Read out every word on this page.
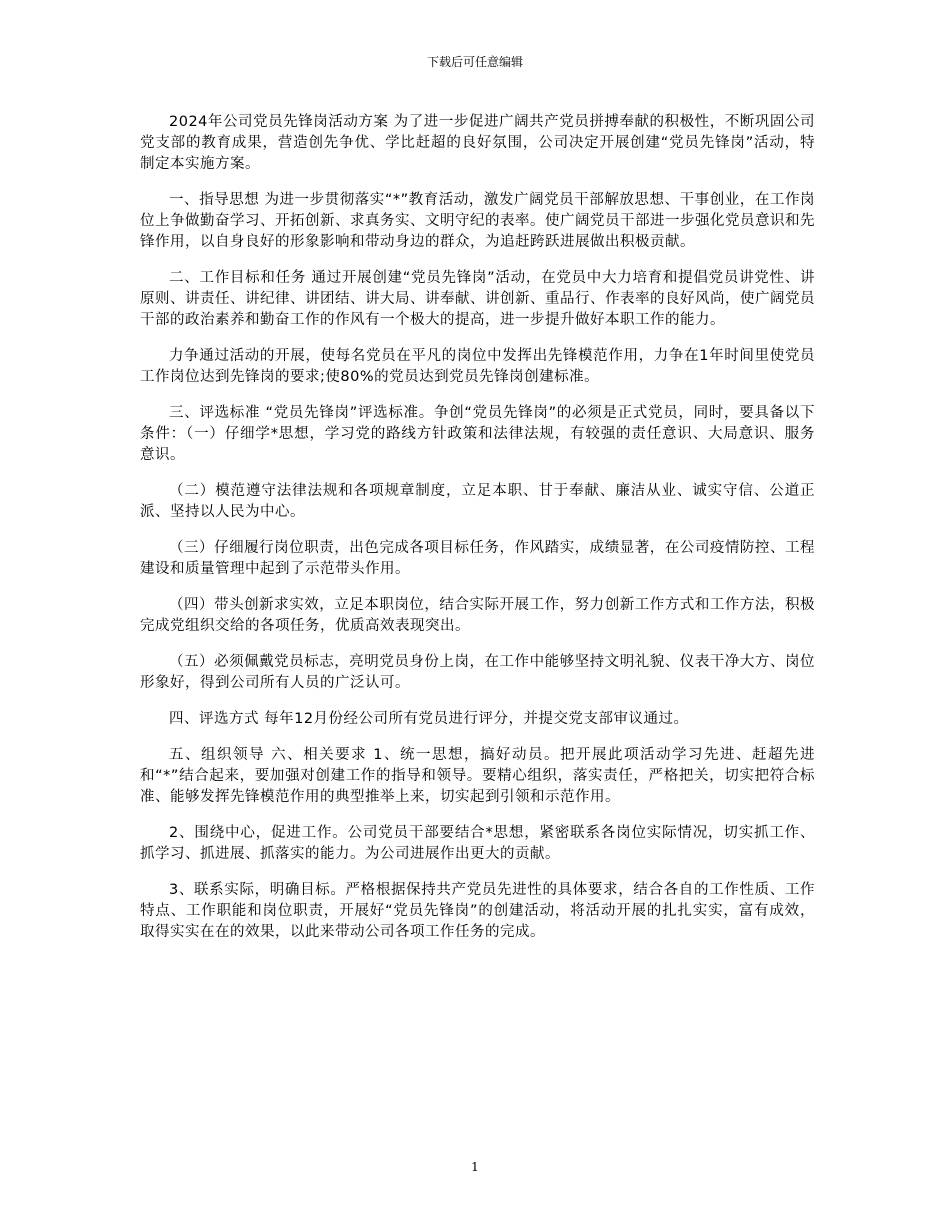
下载后可任意编辑

2024年公司党员先锋岗活动方案 为了进一步促进广阔共产党员拼搏奉献的积极性，不断巩固公司党支部的教育成果，营造创先争优、学比赶超的良好氛围，公司决定开展创建“党员先锋岗”活动，特制定本实施方案。

一、指导思想 为进一步贯彻落实“*”教育活动，激发广阔党员干部解放思想、干事创业，在工作岗位上争做勤奋学习、开拓创新、求真务实、文明守纪的表率。使广阔党员干部进一步强化党员意识和先锋作用，以自身良好的形象影响和带动身边的群众，为追赶跨跃进展做出积极贡献。

二、工作目标和任务 通过开展创建“党员先锋岗”活动，在党员中大力培育和提倡党员讲党性、讲原则、讲责任、讲纪律、讲团结、讲大局、讲奉献、讲创新、重品行、作表率的良好风尚，使广阔党员干部的政治素养和勤奋工作的作风有一个极大的提高，进一步提升做好本职工作的能力。

力争通过活动的开展，使每名党员在平凡的岗位中发挥出先锋模范作用，力争在1年时间里使党员工作岗位达到先锋岗的要求;使80%的党员达到党员先锋岗创建标准。

三、评选标准 “党员先锋岗”评选标准。争创“党员先锋岗”的必须是正式党员，同时，要具备以下条件：（一）仔细学*思想，学习党的路线方针政策和法律法规，有较强的责任意识、大局意识、服务意识。

（二）模范遵守法律法规和各项规章制度，立足本职、甘于奉献、廉洁从业、诚实守信、公道正派、坚持以人民为中心。

（三）仔细履行岗位职责，出色完成各项目标任务，作风踏实，成绩显著，在公司疫情防控、工程建设和质量管理中起到了示范带头作用。

（四）带头创新求实效，立足本职岗位，结合实际开展工作，努力创新工作方式和工作方法，积极完成党组织交给的各项任务，优质高效表现突出。

（五）必须佩戴党员标志，亮明党员身份上岗，在工作中能够坚持文明礼貌、仪表干净大方、岗位形象好，得到公司所有人员的广泛认可。

四、评选方式 每年12月份经公司所有党员进行评分，并提交党支部审议通过。

五、组织领导 六、相关要求 1、统一思想，搞好动员。把开展此项活动学习先进、赶超先进和“*”结合起来，要加强对创建工作的指导和领导。要精心组织，落实责任，严格把关，切实把符合标准、能够发挥先锋模范作用的典型推举上来，切实起到引领和示范作用。

2、围绕中心，促进工作。公司党员干部要结合*思想，紧密联系各岗位实际情况，切实抓工作、抓学习、抓进展、抓落实的能力。为公司进展作出更大的贡献。

3、联系实际，明确目标。严格根据保持共产党员先进性的具体要求，结合各自的工作性质、工作特点、工作职能和岗位职责，开展好“党员先锋岗”的创建活动，将活动开展的扎扎实实，富有成效，取得实实在在的效果，以此来带动公司各项工作任务的完成。

1
